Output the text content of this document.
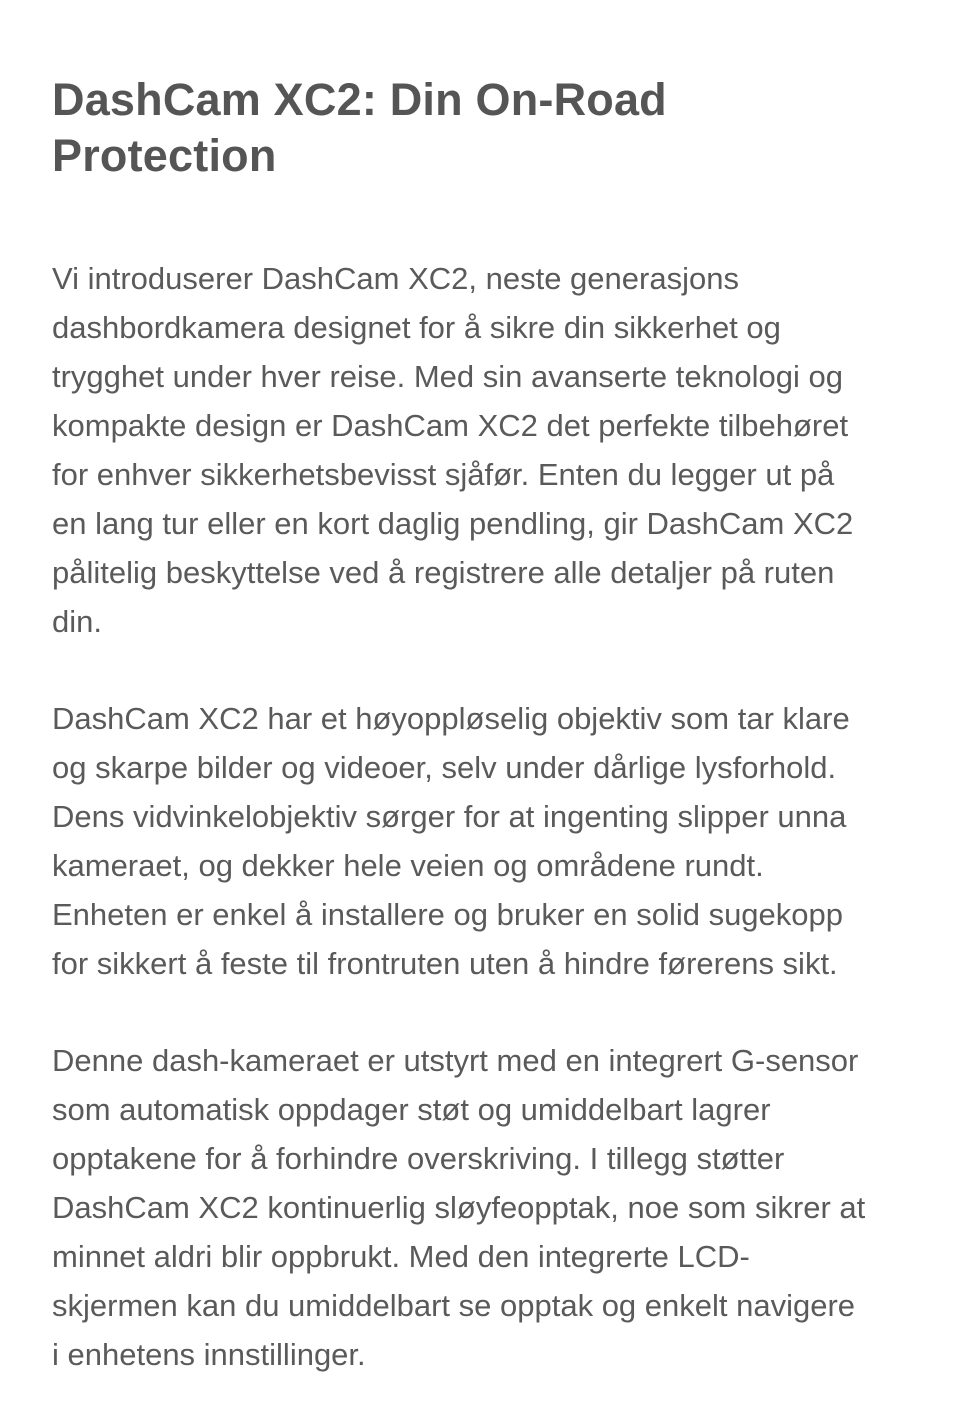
DashCam XC2: Din On-Road
Protection

Vi introduserer DashCam XC2, neste generasjons
dashbordkamera designet for å sikre din sikkerhet og
trygghet under hver reise. Med sin avanserte teknologi og
kompakte design er DashCam XC2 det perfekte tilbehøret
for enhver sikkerhetsbevisst sjåfør. Enten du legger ut på
en lang tur eller en kort daglig pendling, gir DashCam XC2
pålitelig beskyttelse ved å registrere alle detaljer på ruten
din.

DashCam XC2 har et høyoppløselig objektiv som tar klare
og skarpe bilder og videoer, selv under dårlige lysforhold.
Dens vidvinkelobjektiv sørger for at ingenting slipper unna
kameraet, og dekker hele veien og områdene rundt.
Enheten er enkel å installere og bruker en solid sugekopp
for sikkert å feste til frontruten uten å hindre førerens sikt.

Denne dash-kameraet er utstyrt med en integrert G-sensor
som automatisk oppdager støt og umiddelbart lagrer
opptakene for å forhindre overskriving. I tillegg støtter
DashCam XC2 kontinuerlig sløyfeopptak, noe som sikrer at
minnet aldri blir oppbrukt. Med den integrerte LCD-
skjermen kan du umiddelbart se opptak og enkelt navigere
i enhetens innstillinger.
